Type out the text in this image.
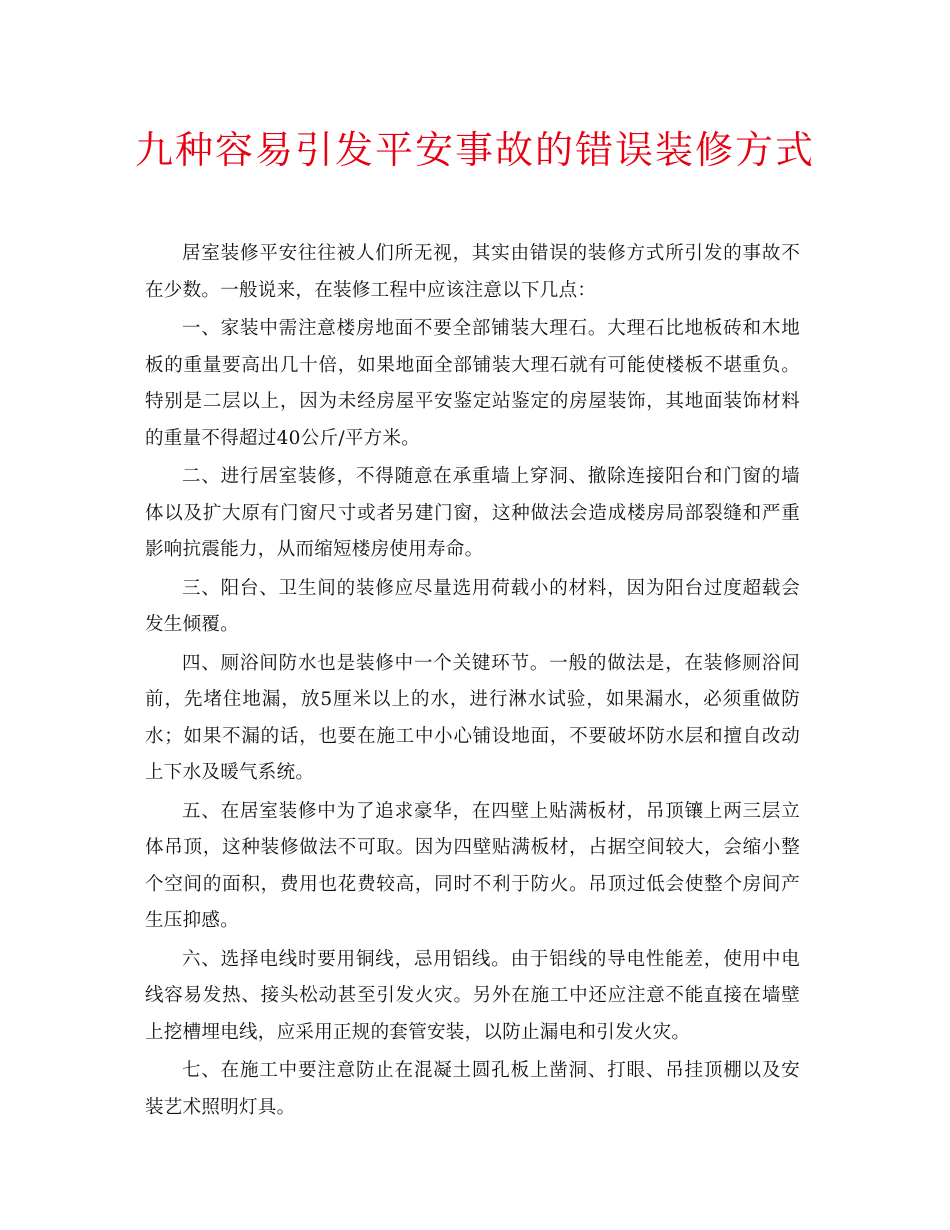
九种容易引发平安事故的错误装修方式

居室装修平安往往被人们所无视，其实由错误的装修方式所引发的事故不在少数。一般说来，在装修工程中应该注意以下几点：

一、家装中需注意楼房地面不要全部铺装大理石。大理石比地板砖和木地板的重量要高出几十倍，如果地面全部铺装大理石就有可能使楼板不堪重负。特别是二层以上，因为未经房屋平安鉴定站鉴定的房屋装饰，其地面装饰材料的重量不得超过40公斤/平方米。

二、进行居室装修，不得随意在承重墙上穿洞、撤除连接阳台和门窗的墙体以及扩大原有门窗尺寸或者另建门窗，这种做法会造成楼房局部裂缝和严重影响抗震能力，从而缩短楼房使用寿命。

三、阳台、卫生间的装修应尽量选用荷载小的材料，因为阳台过度超载会发生倾覆。

四、厕浴间防水也是装修中一个关键环节。一般的做法是，在装修厕浴间前，先堵住地漏，放5厘米以上的水，进行淋水试验，如果漏水，必须重做防水；如果不漏的话，也要在施工中小心铺设地面，不要破坏防水层和擅自改动上下水及暖气系统。

五、在居室装修中为了追求豪华，在四壁上贴满板材，吊顶镶上两三层立体吊顶，这种装修做法不可取。因为四壁贴满板材，占据空间较大，会缩小整个空间的面积，费用也花费较高，同时不利于防火。吊顶过低会使整个房间产生压抑感。

六、选择电线时要用铜线，忌用铝线。由于铝线的导电性能差，使用中电线容易发热、接头松动甚至引发火灾。另外在施工中还应注意不能直接在墙壁上挖槽埋电线，应采用正规的套管安装，以防止漏电和引发火灾。

七、在施工中要注意防止在混凝土圆孔板上凿洞、打眼、吊挂顶棚以及安装艺术照明灯具。
